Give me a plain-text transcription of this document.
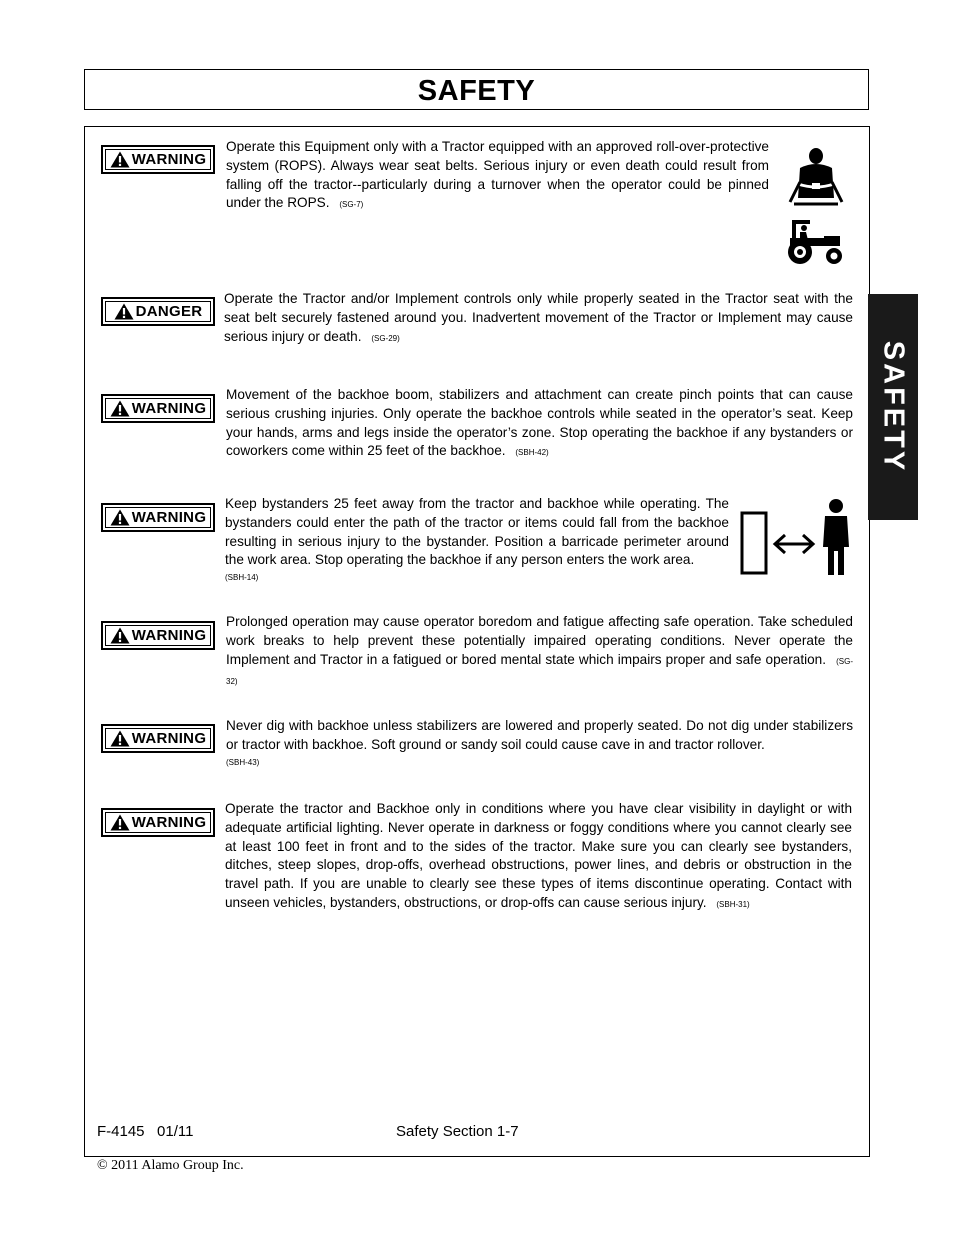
SAFETY
SAFETY
WARNING
Operate this Equipment only with a Tractor equipped with an approved roll-over-protective system (ROPS). Always wear seat belts. Serious injury or even death could result from falling off the tractor--particularly during a turnover when the operator could be pinned under the ROPS. (SG-7)
DANGER
Operate the Tractor and/or Implement controls only while properly seated in the Tractor seat with the seat belt securely fastened around you. Inadvertent movement of the Tractor or Implement may cause serious injury or death. (SG-29)
WARNING
Movement of the backhoe boom, stabilizers and attachment can create pinch points that can cause serious crushing injuries. Only operate the backhoe controls while seated in the operator’s seat. Keep your hands, arms and legs inside the operator’s zone. Stop operating the backhoe if any bystanders or coworkers come within 25 feet of the backhoe. (SBH-42)
WARNING
Keep bystanders 25 feet away from the tractor and backhoe while operating. The bystanders could enter the path of the tractor or items could fall from the backhoe resulting in serious injury to the bystander. Position a barricade perimeter around the work area. Stop operating the backhoe if any person enters the work area.
(SBH-14)
WARNING
Prolonged operation may cause operator boredom and fatigue affecting safe operation. Take scheduled work breaks to help prevent these potentially impaired operating conditions. Never operate the Implement and Tractor in a fatigued or bored mental state which impairs proper and safe operation. (SG-32)
WARNING
Never dig with backhoe unless stabilizers are lowered and properly seated. Do not dig under stabilizers or tractor with backhoe. Soft ground or sandy soil could cause cave in and tractor rollover.
(SBH-43)
WARNING
Operate the tractor and Backhoe only in conditions where you have clear visibility in daylight or with adequate artificial lighting. Never operate in darkness or foggy conditions where you cannot clearly see at least 100 feet in front and to the sides of the tractor. Make sure you can clearly see bystanders, ditches, steep slopes, drop-offs, overhead obstructions, power lines, and debris or obstruction in the travel path. If you are unable to clearly see these types of items discontinue operating. Contact with unseen vehicles, bystanders, obstructions, or drop-offs can cause serious injury. (SBH-31)
F-4145   01/11	Safety Section 1-7
© 2011 Alamo Group Inc.
